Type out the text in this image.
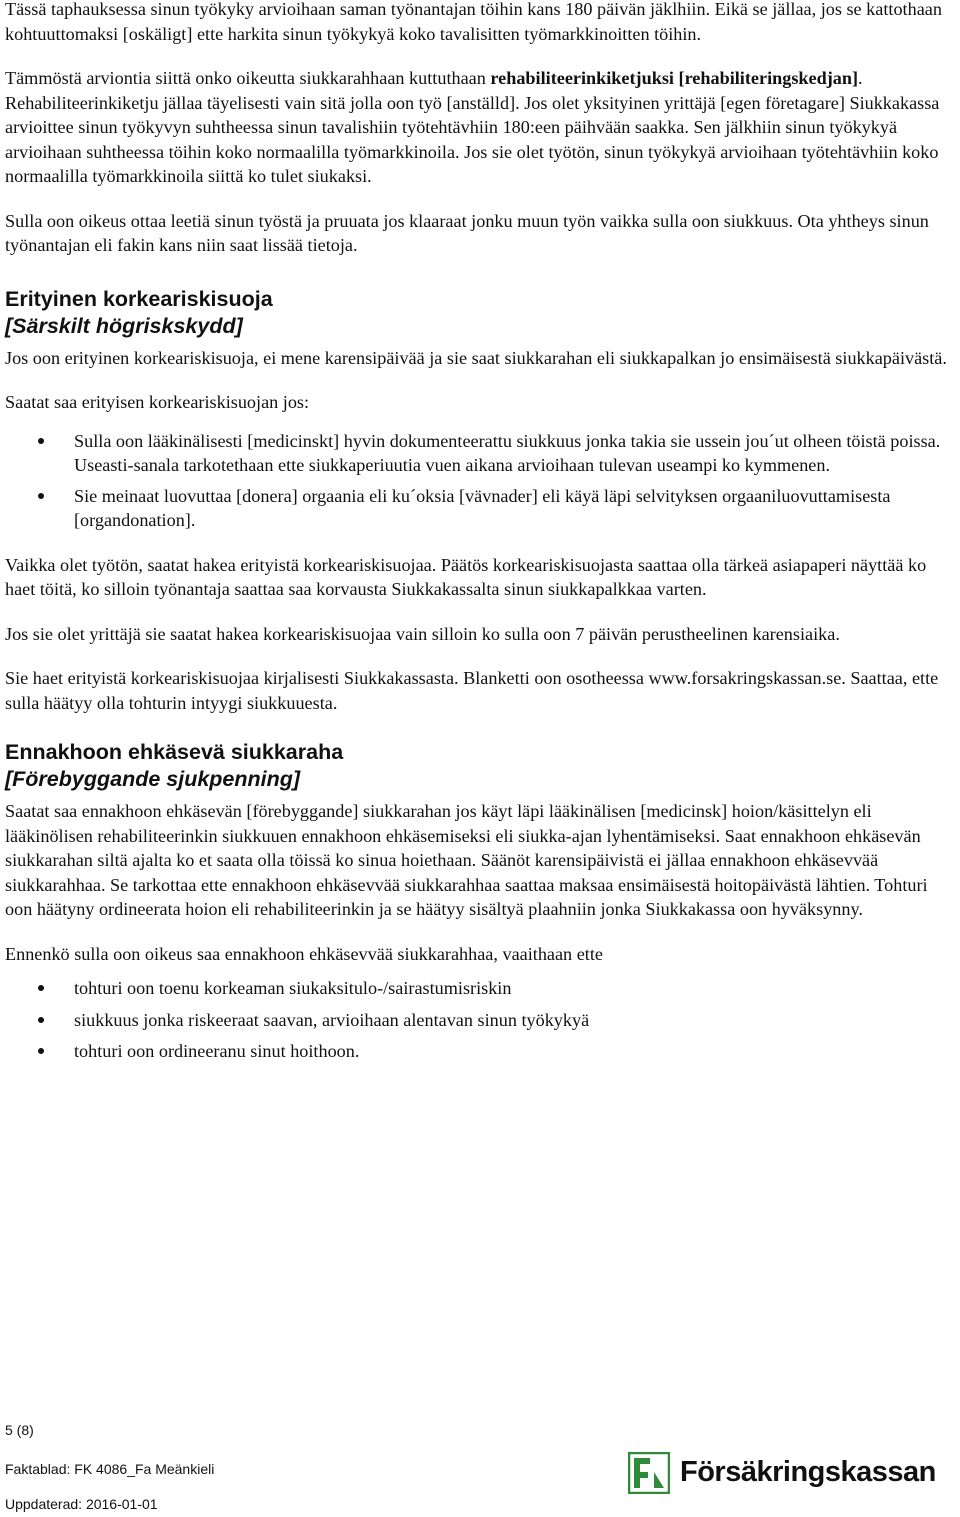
Tässä taphauksessa sinun työkyky arvioihaan saman työnantajan töihin kans 180 päivän jäklhiin. Eikä se jällaa, jos se kattothaan kohtuuttomaksi [oskäligt] ette harkita sinun työkykyä koko tavalisitten työmarkkinoitten töihin.

Tämmöstä arviontia siittä onko oikeutta siukkarahhaan kuttuthaan rehabiliteerinkiketjuksi [rehabiliteringskedjan]. Rehabiliteerinkiketju jällaa täyelisesti vain sitä jolla oon työ [anställd]. Jos olet yksityinen yrittäjä [egen företagare] Siukkakassa arvioittee sinun työkyvyn suhtheessa sinun tavalishiin työtehtävhiin 180:een päihvään saakka. Sen jälkhiin sinun työkykyä arvioihaan suhtheessa töihin koko normaalilla työmarkkinoila. Jos sie olet työtön, sinun työkykyä arvioihaan työtehtävhiin koko normaalilla työmarkkinoila siittä ko tulet siukaksi.

Sulla oon oikeus ottaa leetiä sinun työstä ja pruuata jos klaaraat jonku muun työn vaikka sulla oon siukkuus. Ota yhtheys sinun työnantajan eli fakin kans niin saat lissää tietoja.

Erityinen korkeariskisuoja
[Särskilt högriskskydd]

Jos oon erityinen korkeariskisuoja, ei mene karensipäivää ja sie saat siukkarahan eli siukkapalkan jo ensimäisestä siukkapäivästä.

Saatat saa erityisen korkeariskisuojan jos:

Sulla oon lääkinälisesti [medicinskt] hyvin dokumenteerattu siukkuus jonka takia sie ussein jou´ut olheen töistä poissa. Useasti-sanala tarkotethaan ette siukkaperiuutia vuen aikana arvioihaan tulevan useampi ko kymmenen.
Sie meinaat luovuttaa [donera] orgaania eli ku´oksia [vävnader] eli käyä läpi selvityksen orgaaniluovuttamisesta [organdonation].

Vaikka olet työtön, saatat hakea erityistä korkeariskisuojaa. Päätös korkeariskisuojasta saattaa olla tärkeä asiapaperi näyttää ko haet töitä, ko silloin työnantaja saattaa saa korvausta Siukkakassalta sinun siukkapalkkaa varten.

Jos sie olet yrittäjä sie saatat hakea korkeariskisuojaa vain silloin ko sulla oon 7 päivän perustheelinen karensiaika.

Sie haet erityistä korkeariskisuojaa kirjalisesti Siukkakassasta. Blanketti oon osotheessa www.forsakringskassan.se. Saattaa, ette sulla häätyy olla tohturin intyygi siukkuuesta.

Ennakhoon ehkäsevä siukkaraha
[Förebyggande sjukpenning]

Saatat saa ennakhoon ehkäsevän [förebyggande] siukkarahan jos käyt läpi lääkinälisen [medicinsk] hoion/käsittelyn eli lääkinölisen rehabiliteerinkin siukkuuen ennakhoon ehkäsemiseksi eli siukka-ajan lyhentämiseksi. Saat ennakhoon ehkäsevän siukkarahan siltä ajalta ko et saata olla töissä ko sinua hoiethaan. Säänöt karensipäivistä ei jällaa ennakhoon ehkäsevvää siukkarahhaa. Se tarkottaa ette ennakhoon ehkäsevvää siukkarahhaa saattaa maksaa ensimäisestä hoitopäivästä lähtien. Tohturi oon häätyny ordineerata hoion eli rehabiliteerinkin ja se häätyy sisältyä plaahniin jonka Siukkakassa oon hyväksynny.

Ennenkö sulla oon oikeus saa ennakhoon ehkäsevvää siukkarahhaa, vaaithaan ette

tohturi oon toenu korkeaman siukaksitulo-/sairastumisriskin
siukkuus jonka riskeeraat saavan, arvioihaan alentavan sinun työkykyä
tohturi oon ordineeranu sinut hoithoon.
5 (8)
Faktablad: FK 4086_Fa Meänkieli
Uppdaterad: 2016-01-01
Försäkringskassan
